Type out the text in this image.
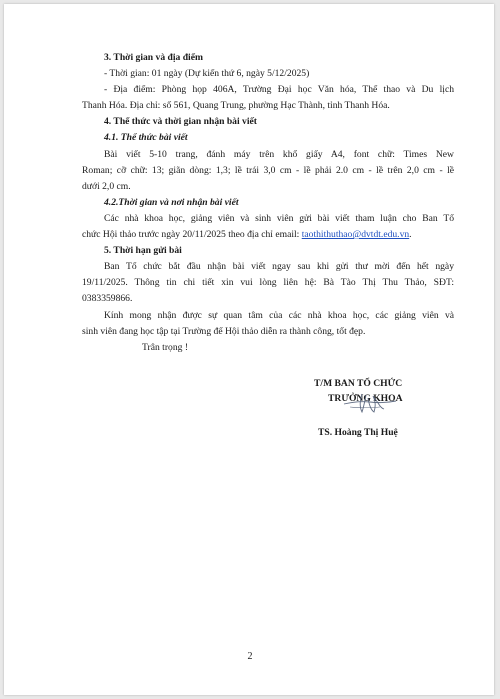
3. Thời gian và địa điểm

- Thời gian: 01 ngày (Dự kiến thứ 6, ngày 5/12/2025)

- Địa điểm: Phòng họp 406A, Trường Đại học Văn hóa, Thể thao và Du lịch

Thanh Hóa. Địa chỉ: số 561, Quang Trung, phường Hạc Thành, tỉnh Thanh Hóa.

4. Thể thức và thời gian nhận bài viết

4.1. Thể thức bài viết

Bài viết 5-10 trang, đánh máy trên khổ giấy A4, font chữ: Times New

Roman; cỡ chữ: 13; giãn dòng: 1,3; lề trái 3,0 cm - lề phải 2.0 cm - lề trên 2,0 cm - lề

dưới 2,0 cm.

4.2.Thời gian và nơi nhận bài viết

Các nhà khoa học, giảng viên và sinh viên gửi bài viết tham luận cho Ban Tổ

chức Hội thảo trước ngày 20/11/2025 theo địa chỉ email: taothithuthao@dvtdt.edu.vn.

5. Thời hạn gửi bài

Ban Tổ chức bắt đầu nhận bài viết ngay sau khi gửi thư mời đến hết ngày

19/11/2025. Thông tin chi tiết xin vui lòng liên hệ: Bà Tào Thị Thu Thảo, SĐT:

0383359866.

Kính mong nhận được sự quan tâm của các nhà khoa học, các giảng viên và

sinh viên đang học tập tại Trường để Hội thảo diễn ra thành công, tốt đẹp.

Trân trọng !

T/M BAN TỔ CHỨC
TRƯỞNG KHOA
TS. Hoàng Thị Huệ
2
